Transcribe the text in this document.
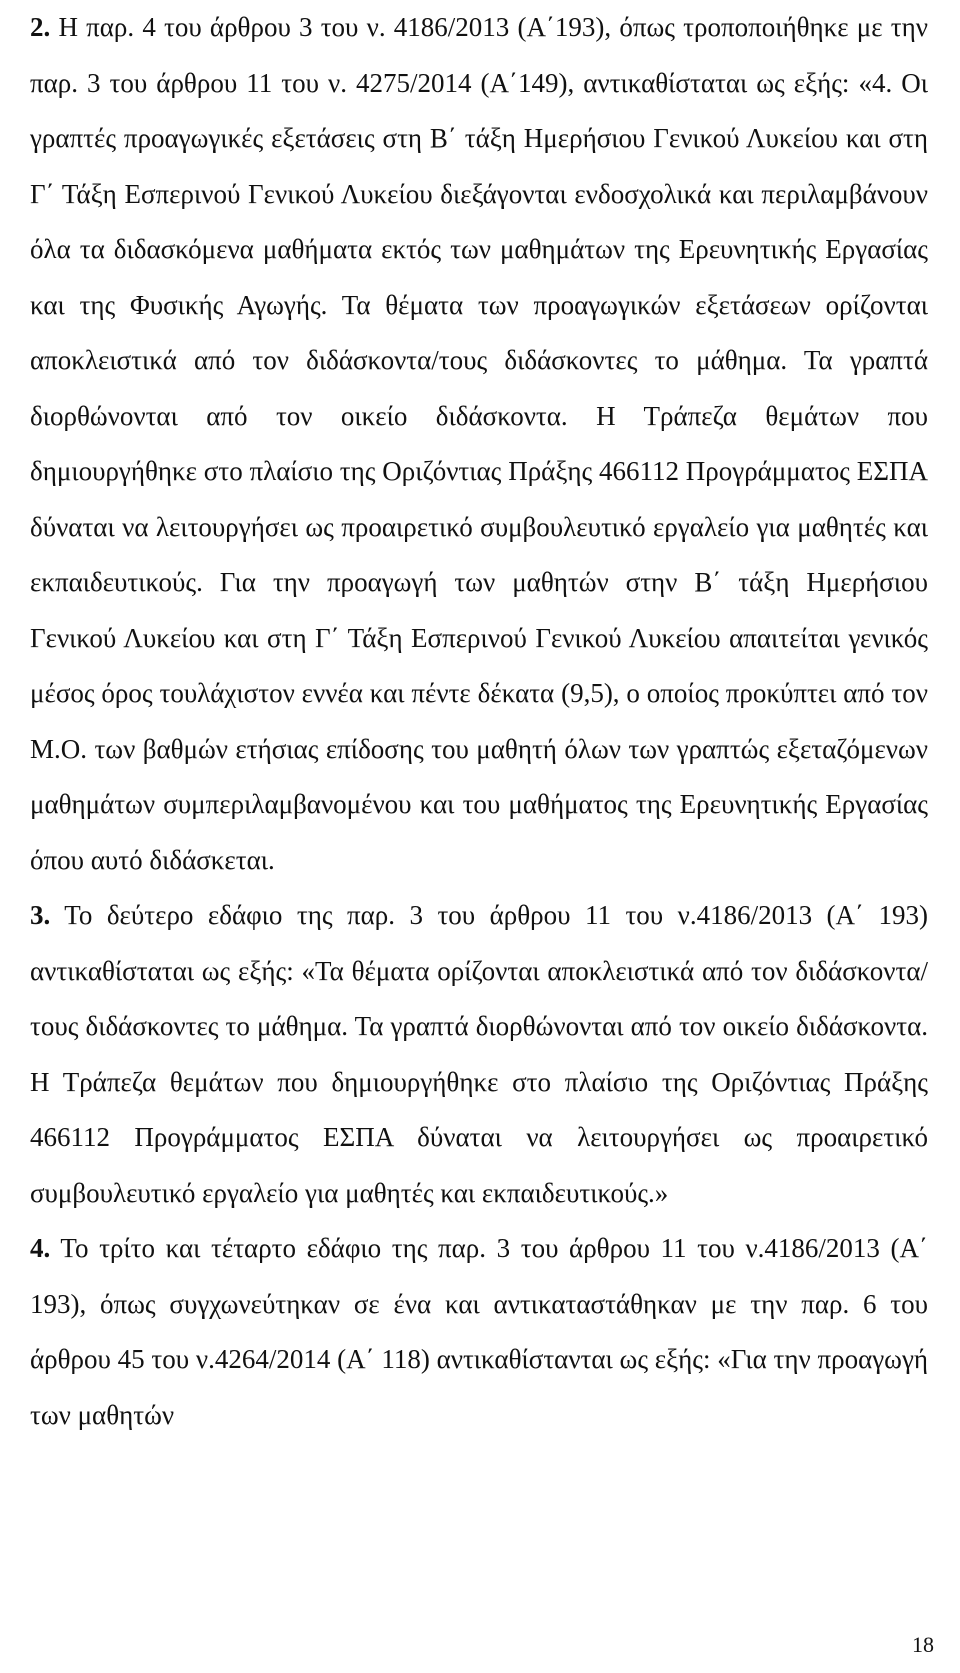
2. Η παρ. 4 του άρθρου 3 του ν. 4186/2013 (Α΄193), όπως τροποποιήθηκε με την παρ. 3 του άρθρου 11 του ν. 4275/2014 (Α΄149), αντικαθίσταται ως εξής: «4. Οι γραπτές προαγωγικές εξετάσεις στη Β΄ τάξη Ημερήσιου Γενικού Λυκείου και στη Γ΄ Τάξη Εσπερινού Γενικού Λυκείου διεξάγονται ενδοσχολικά και περιλαμβάνουν όλα τα διδασκόμενα μαθήματα εκτός των μαθημάτων της Ερευνητικής Εργασίας και της Φυσικής Αγωγής. Τα θέματα των προαγωγικών εξετάσεων ορίζονται αποκλειστικά από τον διδάσκοντα/τους διδάσκοντες το μάθημα. Τα γραπτά διορθώνονται από τον οικείο διδάσκοντα. Η Τράπεζα θεμάτων που δημιουργήθηκε στο πλαίσιο της Οριζόντιας Πράξης 466112 Προγράμματος ΕΣΠΑ δύναται να λειτουργήσει ως προαιρετικό συμβουλευτικό εργαλείο για μαθητές και εκπαιδευτικούς. Για την προαγωγή των μαθητών στην Β΄ τάξη Ημερήσιου Γενικού Λυκείου και στη Γ΄ Τάξη Εσπερινού Γενικού Λυκείου απαιτείται γενικός μέσος όρος τουλάχιστον εννέα και πέντε δέκατα (9,5), ο οποίος προκύπτει από τον Μ.Ο. των βαθμών ετήσιας επίδοσης του μαθητή όλων των γραπτώς εξεταζόμενων μαθημάτων συμπεριλαμβανομένου και του μαθήματος της Ερευνητικής Εργασίας όπου αυτό διδάσκεται.

3. Το δεύτερο εδάφιο της παρ. 3 του άρθρου 11 του ν.4186/2013 (Α΄ 193) αντικαθίσταται ως εξής: «Τα θέματα ορίζονται αποκλειστικά από τον διδάσκοντα/τους διδάσκοντες το μάθημα. Τα γραπτά διορθώνονται από τον οικείο διδάσκοντα. Η Τράπεζα θεμάτων που δημιουργήθηκε στο πλαίσιο της Οριζόντιας Πράξης 466112 Προγράμματος ΕΣΠΑ δύναται να λειτουργήσει ως προαιρετικό συμβουλευτικό εργαλείο για μαθητές και εκπαιδευτικούς.»

4. Το τρίτο και τέταρτο εδάφιο της παρ. 3 του άρθρου 11 του ν.4186/2013 (Α΄ 193), όπως συγχωνεύτηκαν σε ένα και αντικαταστάθηκαν με την παρ. 6 του άρθρου 45 του ν.4264/2014 (Α΄ 118) αντικαθίστανται ως εξής: «Για την προαγωγή των μαθητών

18
